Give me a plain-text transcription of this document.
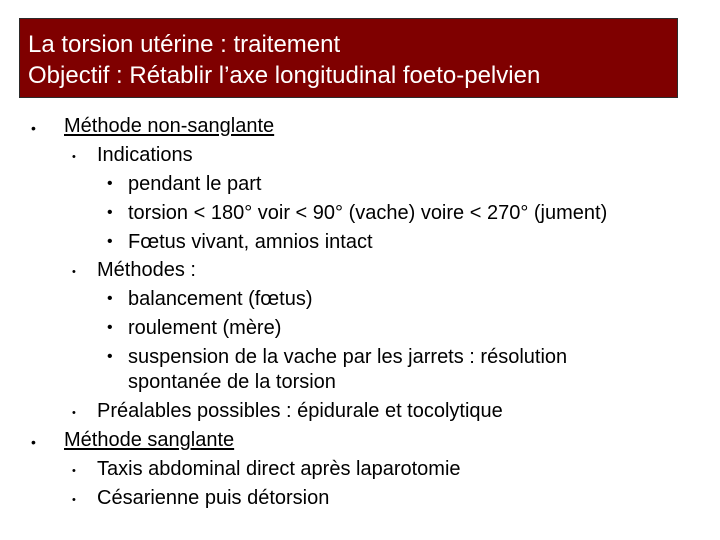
La torsion utérine : traitement
Objectif : Rétablir l’axe longitudinal foeto-pelvien
• Méthode non-sanglante
• Indications
• pendant le part
• torsion < 180° voir < 90° (vache) voire < 270° (jument)
• Fœtus vivant, amnios intact
• Méthodes :
• balancement (fœtus)
• roulement (mère)
• suspension de la vache par les jarrets : résolution
spontanée de la torsion
• Préalables possibles : épidurale et tocolytique
• Méthode sanglante
• Taxis abdominal direct après laparotomie
• Césarienne puis détorsion
